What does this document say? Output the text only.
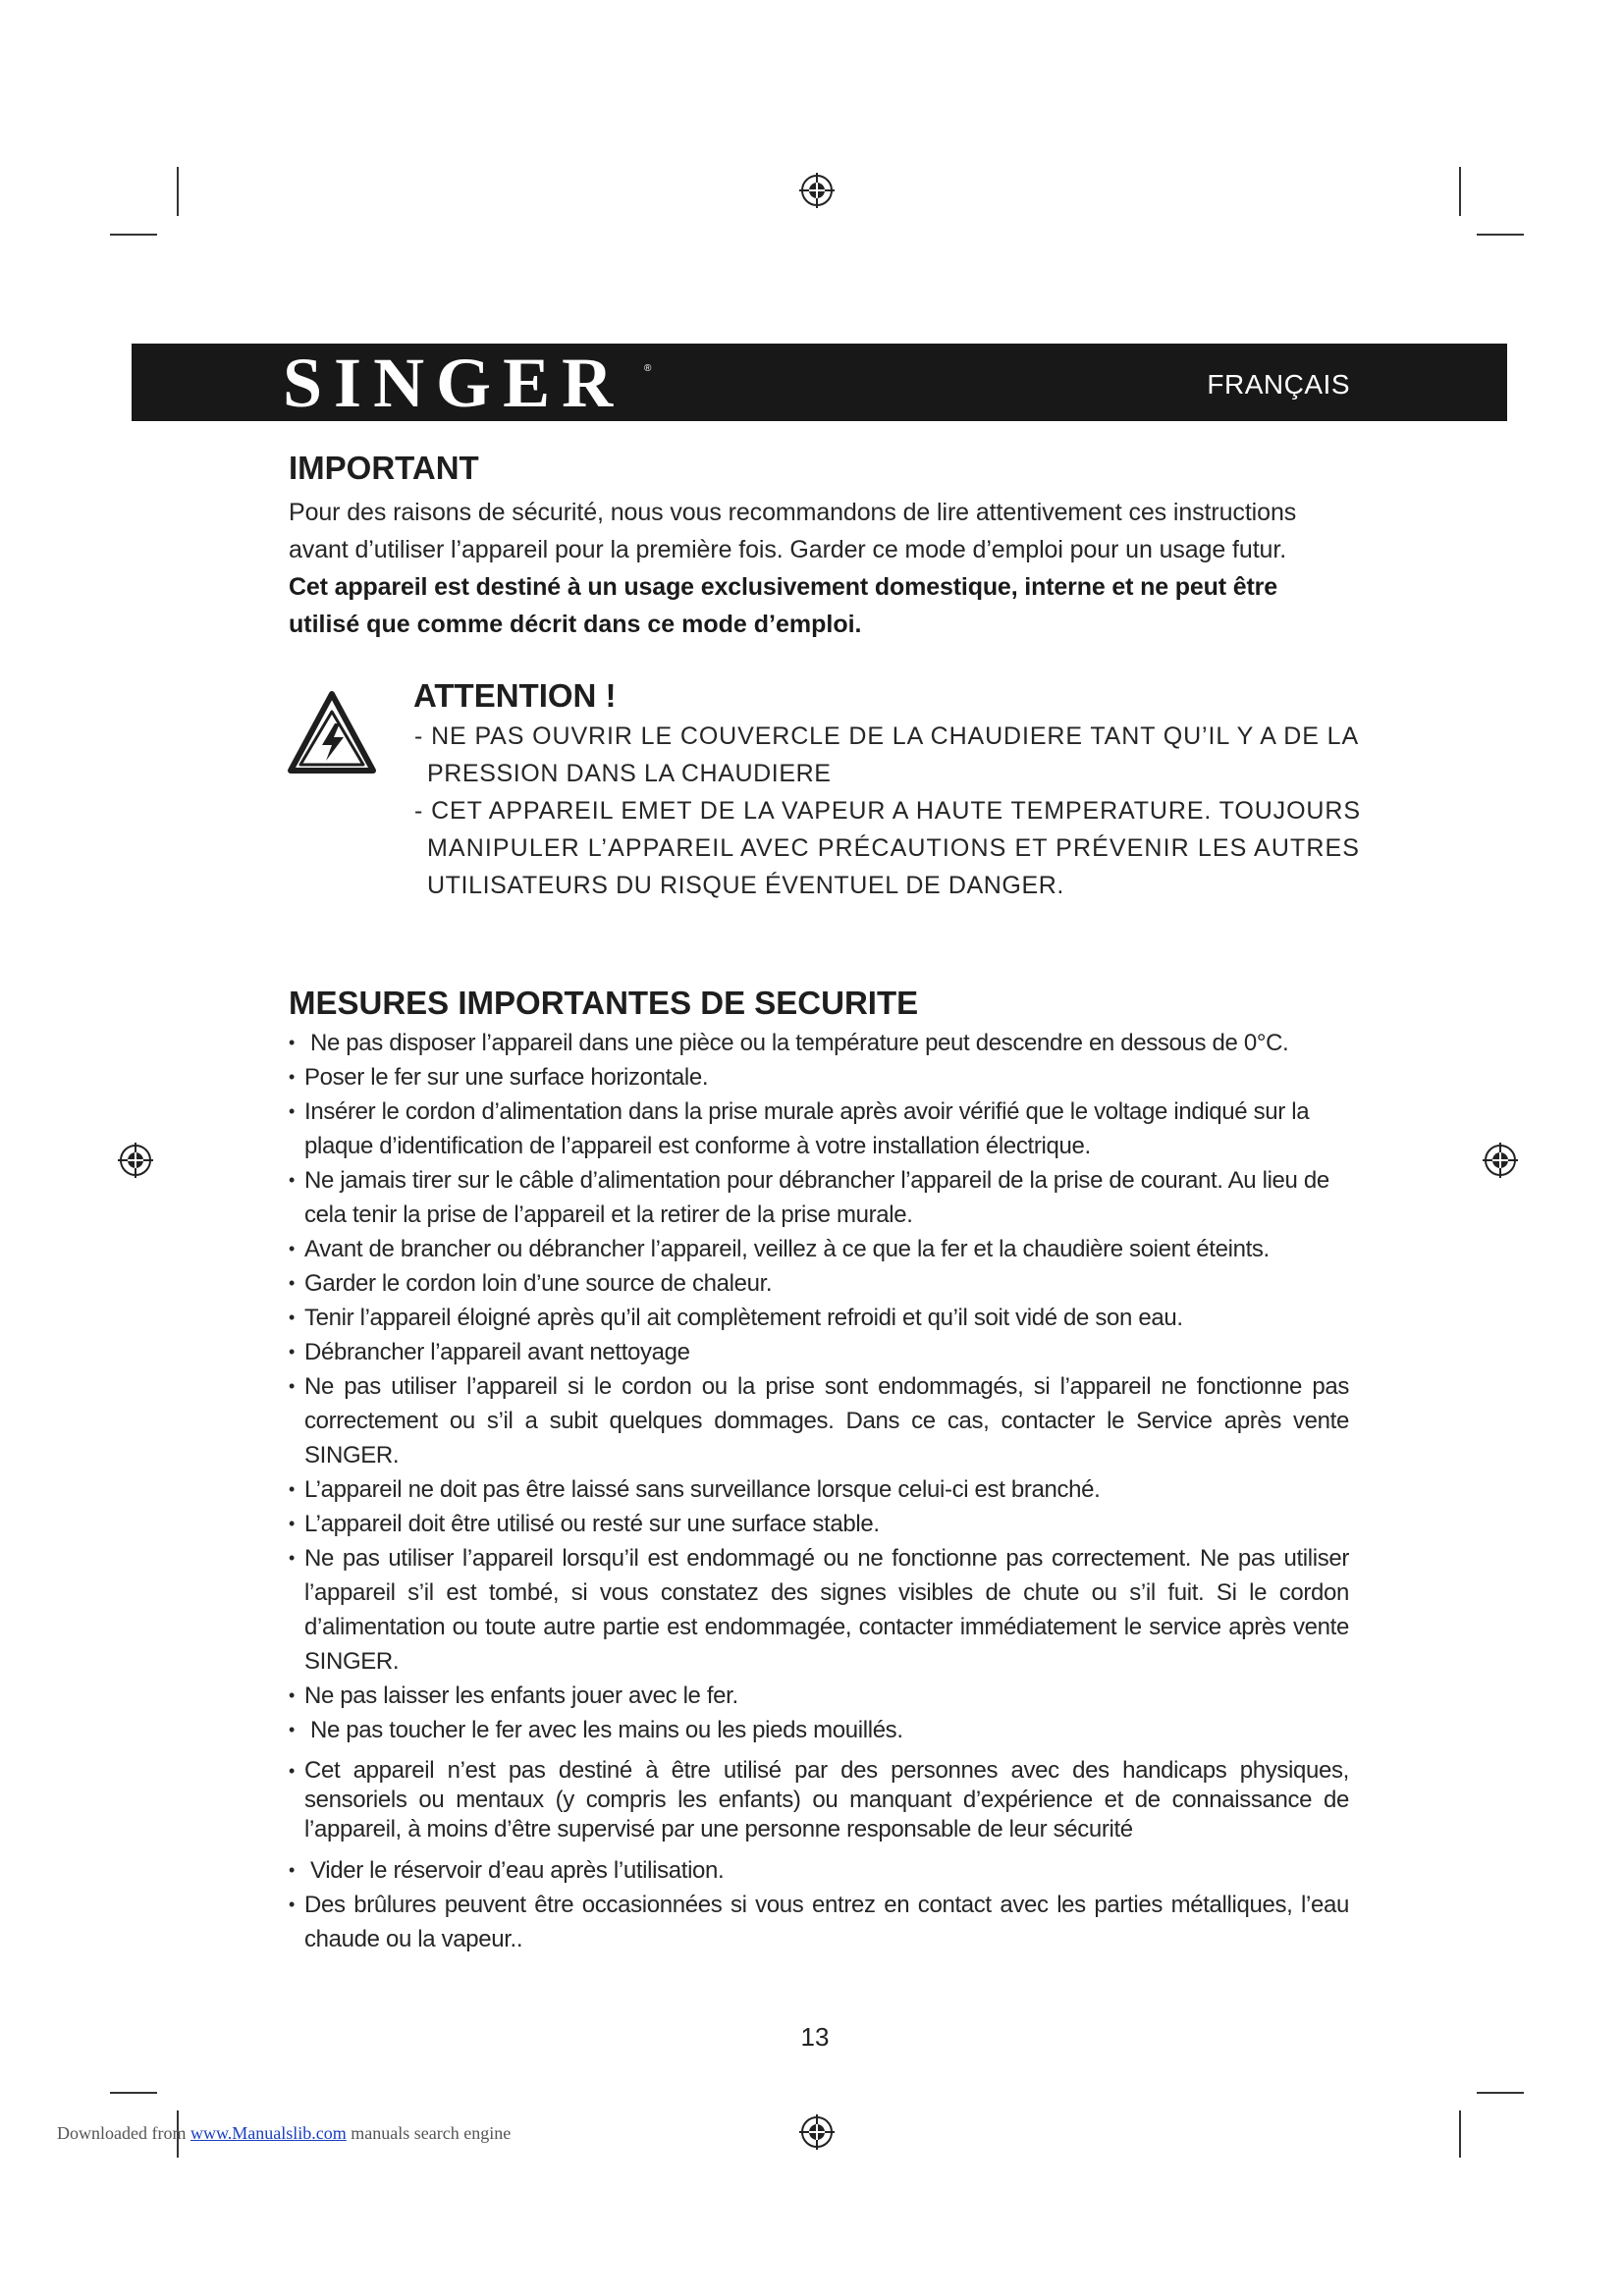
SINGER ®
FRANÇAIS
IMPORTANT

Pour des raisons de sécurité, nous vous recommandons de lire attentivement ces instructions

avant d’utiliser l’appareil pour la première fois. Garder ce mode d’emploi pour un usage futur.

Cet appareil est destiné à un usage exclusivement domestique, interne et ne peut être

utilisé que comme décrit dans ce mode d’emploi.

ATTENTION !
- NE PAS OUVRIR LE COUVERCLE DE LA CHAUDIERE TANT QU’IL Y A DE LA
PRESSION DANS LA CHAUDIERE
- CET APPAREIL EMET DE LA VAPEUR A HAUTE TEMPERATURE. TOUJOURS
MANIPULER L’APPAREIL AVEC PRÉCAUTIONS ET PRÉVENIR LES AUTRES
UTILISATEURS DU RISQUE ÉVENTUEL DE DANGER.
MESURES IMPORTANTES DE SECURITE

• Ne pas disposer l’appareil dans une pièce ou la température peut descendre en dessous de 0°C.

• Poser le fer sur une surface horizontale.

• Insérer le cordon d’alimentation dans la prise murale après avoir vérifié que le voltage indiqué sur la plaque d’identification de l’appareil est conforme à votre installation électrique.

• Ne jamais tirer sur le câble d’alimentation pour débrancher l’appareil de la prise de courant. Au lieu de cela tenir la prise de l’appareil et la retirer de la prise murale.

• Avant de brancher ou débrancher l’appareil, veillez à ce que la fer et la chaudière soient éteints.

• Garder le cordon loin d’une source de chaleur.

• Tenir l’appareil éloigné après qu’il ait complètement refroidi et qu’il soit vidé de son eau.

• Débrancher l’appareil avant nettoyage

• Ne pas utiliser l’appareil si le cordon ou la prise sont endommagés, si l’appareil ne fonctionne pas correctement ou s’il a subit quelques dommages. Dans ce cas, contacter le Service après vente SINGER.

• L’appareil ne doit pas être laissé sans surveillance lorsque celui-ci est branché.

• L’appareil doit être utilisé ou resté sur une surface stable.

• Ne pas utiliser l’appareil lorsqu’il est endommagé ou ne fonctionne pas correctement. Ne pas utiliser l’appareil s’il est tombé, si vous constatez des signes visibles de chute ou s’il fuit. Si le cordon d’alimentation ou toute autre partie est endommagée, contacter immédiatement le service après vente SINGER.

• Ne pas laisser les enfants jouer avec le fer.

• Ne pas toucher le fer avec les mains ou les pieds mouillés.

• Cet appareil n’est pas destiné à être utilisé par des personnes avec des handicaps physiques, sensoriels ou mentaux (y compris les enfants) ou manquant d’expérience et de connaissance de l’appareil, à moins d’être supervisé par une personne responsable de leur sécurité

• Vider le réservoir d’eau après l’utilisation.

• Des brûlures peuvent être occasionnées si vous entrez en contact avec les parties métalliques, l’eau chaude ou la vapeur..

13
Downloaded from www.Manualslib.com manuals search engine
